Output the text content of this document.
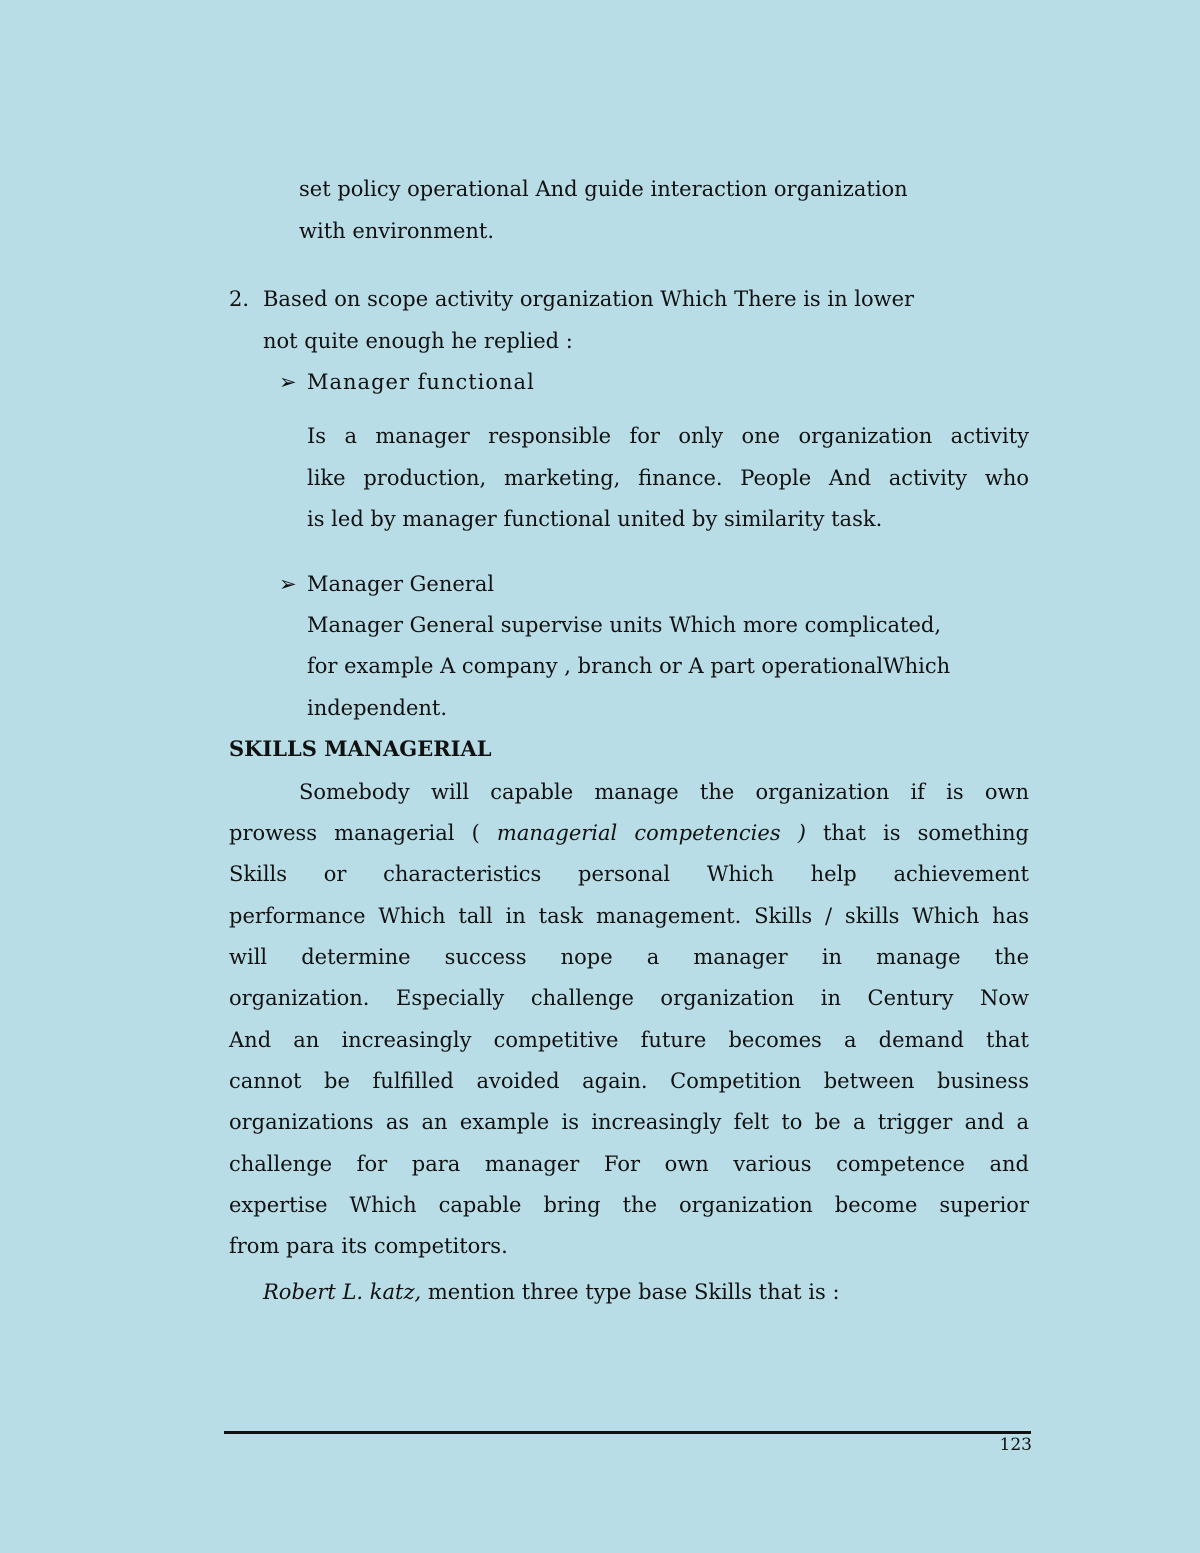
set policy operational And guide interaction organization

with environment.

2. Based on scope activity organization Which There is in lower

not quite enough he replied :

➢ Manager functional

Is a manager responsible for only one organization activity

like production, marketing, finance. People And activity who

is led by manager functional united by similarity task.

➢ Manager General

Manager General supervise units Which more complicated,

for example A company , branch or A part operationalWhich

independent.

SKILLS MANAGERIAL

Somebody will capable manage the organization if is own

prowess managerial ( managerial competencies ) that is something

Skills or characteristics personal Which help achievement

performance Which tall in task management. Skills / skills Which has

will determine success nope a manager in manage the

organization. Especially challenge organization in Century Now

And an increasingly competitive future becomes a demand that

cannot be fulfilled avoided again. Competition between business

organizations as an example is increasingly felt to be a trigger and a

challenge for para manager For own various competence and

expertise Which capable bring the organization become superior

from para its competitors.

Robert L. katz, mention three type base Skills that is :

123
